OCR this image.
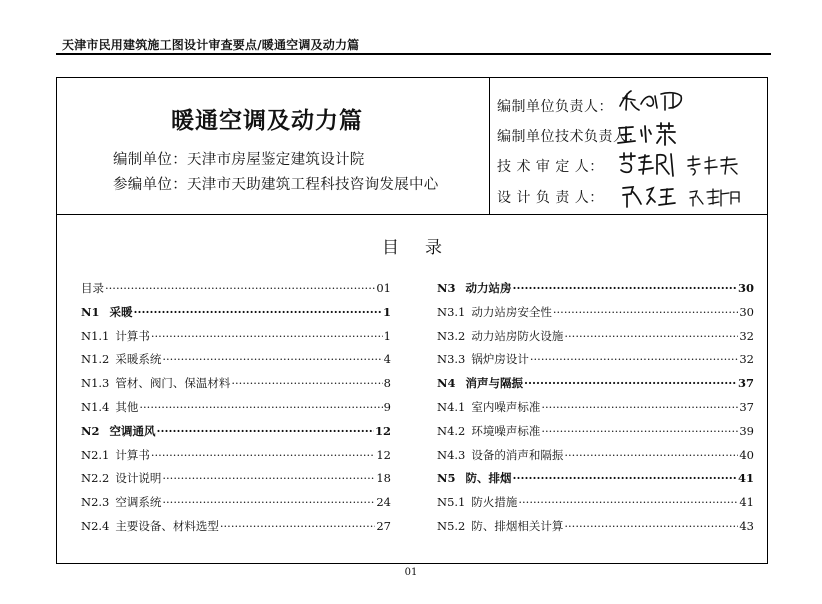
天津市民用建筑施工图设计审查要点/暖通空调及动力篇
暖通空调及动力篇
编制单位：天津市房屋鉴定建筑设计院
参编单位：天津市天助建筑工程科技咨询发展中心
编制单位负责人：
编制单位技术负责人：
技 术 审 定 人：
设 计 负 责 人：
目录
目录 ·····	01
N1 采暖 ·····	1
N1.1 计算书 ·····	1
N1.2 采暖系统 ·····	4
N1.3 管材、阀门、保温材料 ·····	8
N1.4 其他 ·····	9
N2 空调通风 ·····	12
N2.1 计算书 ·····	12
N2.2 设计说明 ·····	18
N2.3 空调系统 ·····	24
N2.4 主要设备、材料选型 ·····	27
N3 动力站房 ·····	30
N3.1 动力站房安全性 ·····	30
N3.2 动力站房防火设施 ·····	32
N3.3 锅炉房设计 ·····	32
N4 消声与隔振 ·····	37
N4.1 室内噪声标准 ·····	37
N4.2 环境噪声标准 ·····	39
N4.3 设备的消声和隔振 ·····	40
N5 防、排烟 ·····	41
N5.1 防火措施 ·····	41
N5.2 防、排烟相关计算 ·····	43
01
